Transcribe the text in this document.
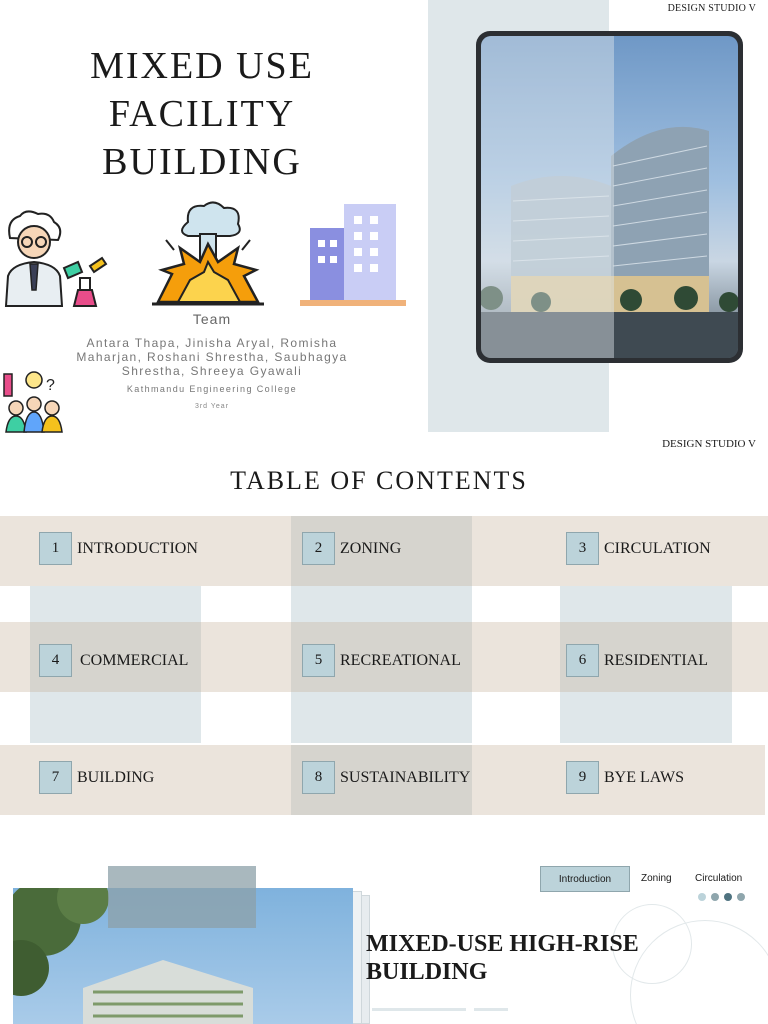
DESIGN STUDIO V
MIXED USE
FACILITY
BUILDING
?
Team
Antara Thapa, Jinisha Aryal, Romisha Maharjan, Roshani Shrestha, Saubhagya Shrestha, Shreeya Gyawali
Kathmandu Engineering College
3rd Year
DESIGN STUDIO V
TABLE OF CONTENTS
1	INTRODUCTION	2	ZONING	3	CIRCULATION
4	COMMERCIAL	5	RECREATIONAL	6	RESIDENTIAL
7	BUILDING	8	SUSTAINABILITY	9	BYE LAWS
Introduction	Zoning Circulation
MIXED-USE HIGH-RISE
BUILDING
